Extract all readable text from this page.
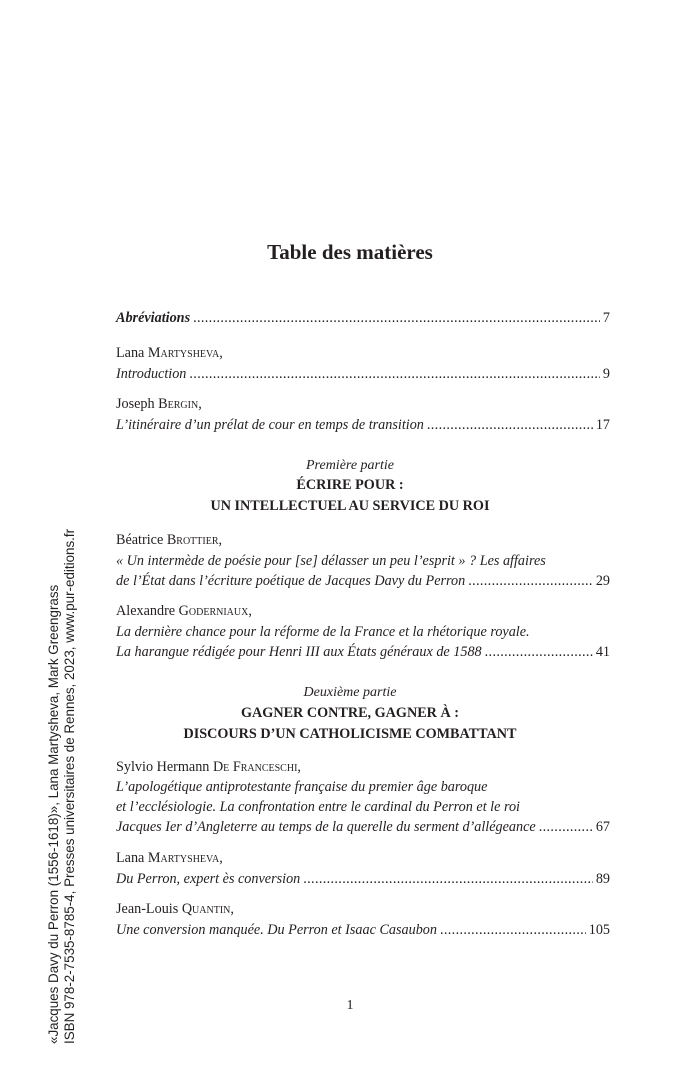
«Jacques Davy du Perron (1556-1618)», Lana Martysheva, Mark Greengrass ISBN 978-2-7535-8785-4, Presses universitaires de Rennes, 2023, www.pur-editions.fr
Table des matières
Abréviations . . .	7
Lana Martysheva,
Introduction . . .	9
Joseph Bergin,
L’itinéraire d’un prélat de cour en temps de transition . . .	17
Béatrice Brottier,
« Un intermède de poésie pour [se] délasser un peu l’esprit » ? Les affaires
de l’État dans l’écriture poétique de Jacques Davy du Perron . . .	29
Alexandre Goderniaux,
La dernière chance pour la réforme de la France et la rhétorique royale.
La harangue rédigée pour Henri III aux États généraux de 1588 . . .	41
Sylvio Hermann De Franceschi,
L’apologétique antiprotestante française du premier âge baroque
et l’ecclésiologie. La confrontation entre le cardinal du Perron et le roi
Jacques Ier d’Angleterre au temps de la querelle du serment d’allégeance . . .	67
Lana Martysheva,
Du Perron, expert ès conversion . . .	89
Jean-Louis Quantin,
Une conversion manquée. Du Perron et Isaac Casaubon . . .	105
Première partie
ÉCRIRE POUR :
UN INTELLECTUEL AU SERVICE DU ROI
Deuxième partie
GAGNER CONTRE, GAGNER À :
DISCOURS D’UN CATHOLICISME COMBATTANT
1
